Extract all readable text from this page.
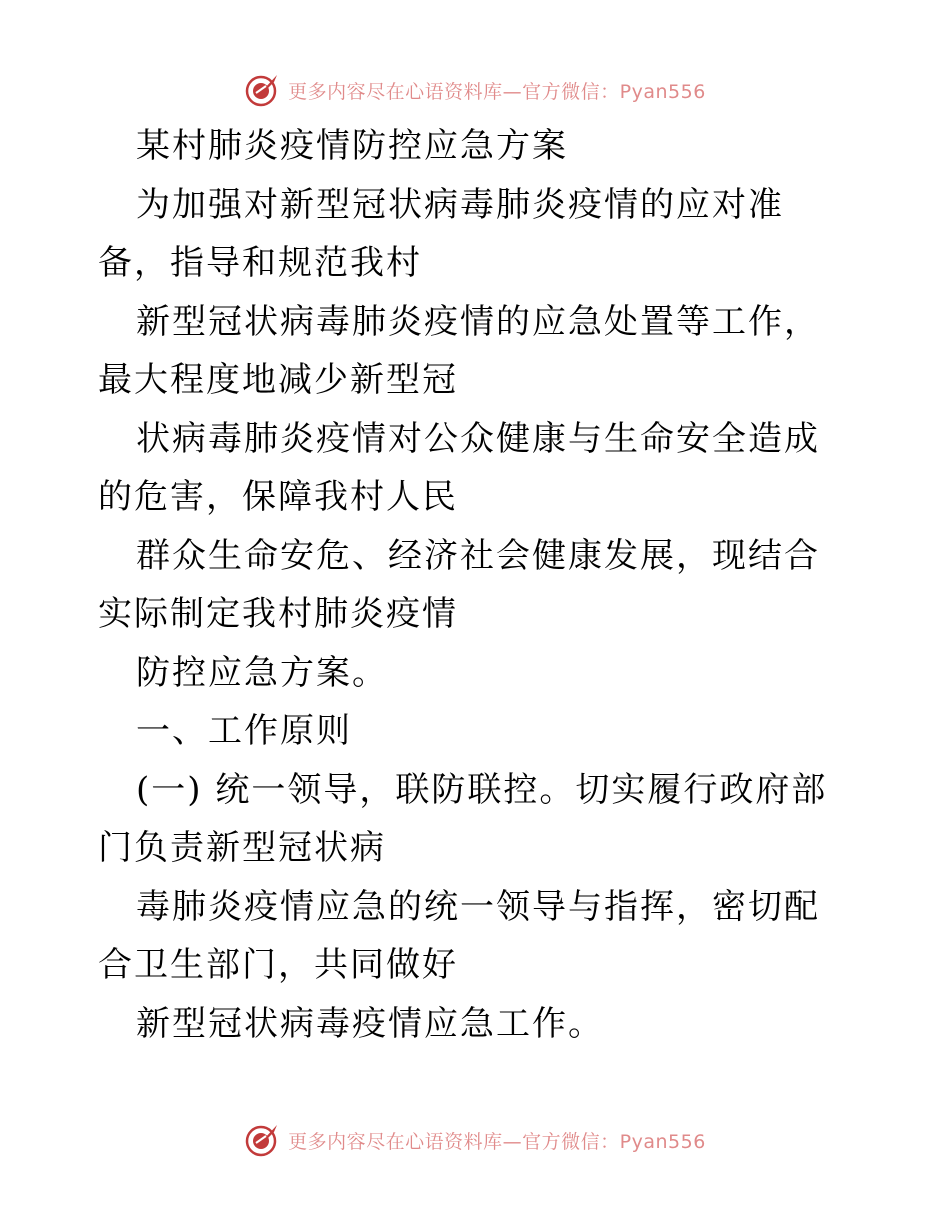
更多内容尽在心语资料库—官方微信：Pyan556

某村肺炎疫情防控应急方案

为加强对新型冠状病毒肺炎疫情的应对准备，指导和规范我村

新型冠状病毒肺炎疫情的应急处置等工作，最大程度地减少新型冠

状病毒肺炎疫情对公众健康与生命安全造成的危害，保障我村人民

群众生命安危、经济社会健康发展，现结合实际制定我村肺炎疫情

防控应急方案。

一、工作原则

(一) 统一领导，联防联控。切实履行政府部门负责新型冠状病

毒肺炎疫情应急的统一领导与指挥，密切配合卫生部门，共同做好

新型冠状病毒疫情应急工作。

更多内容尽在心语资料库—官方微信：Pyan556
